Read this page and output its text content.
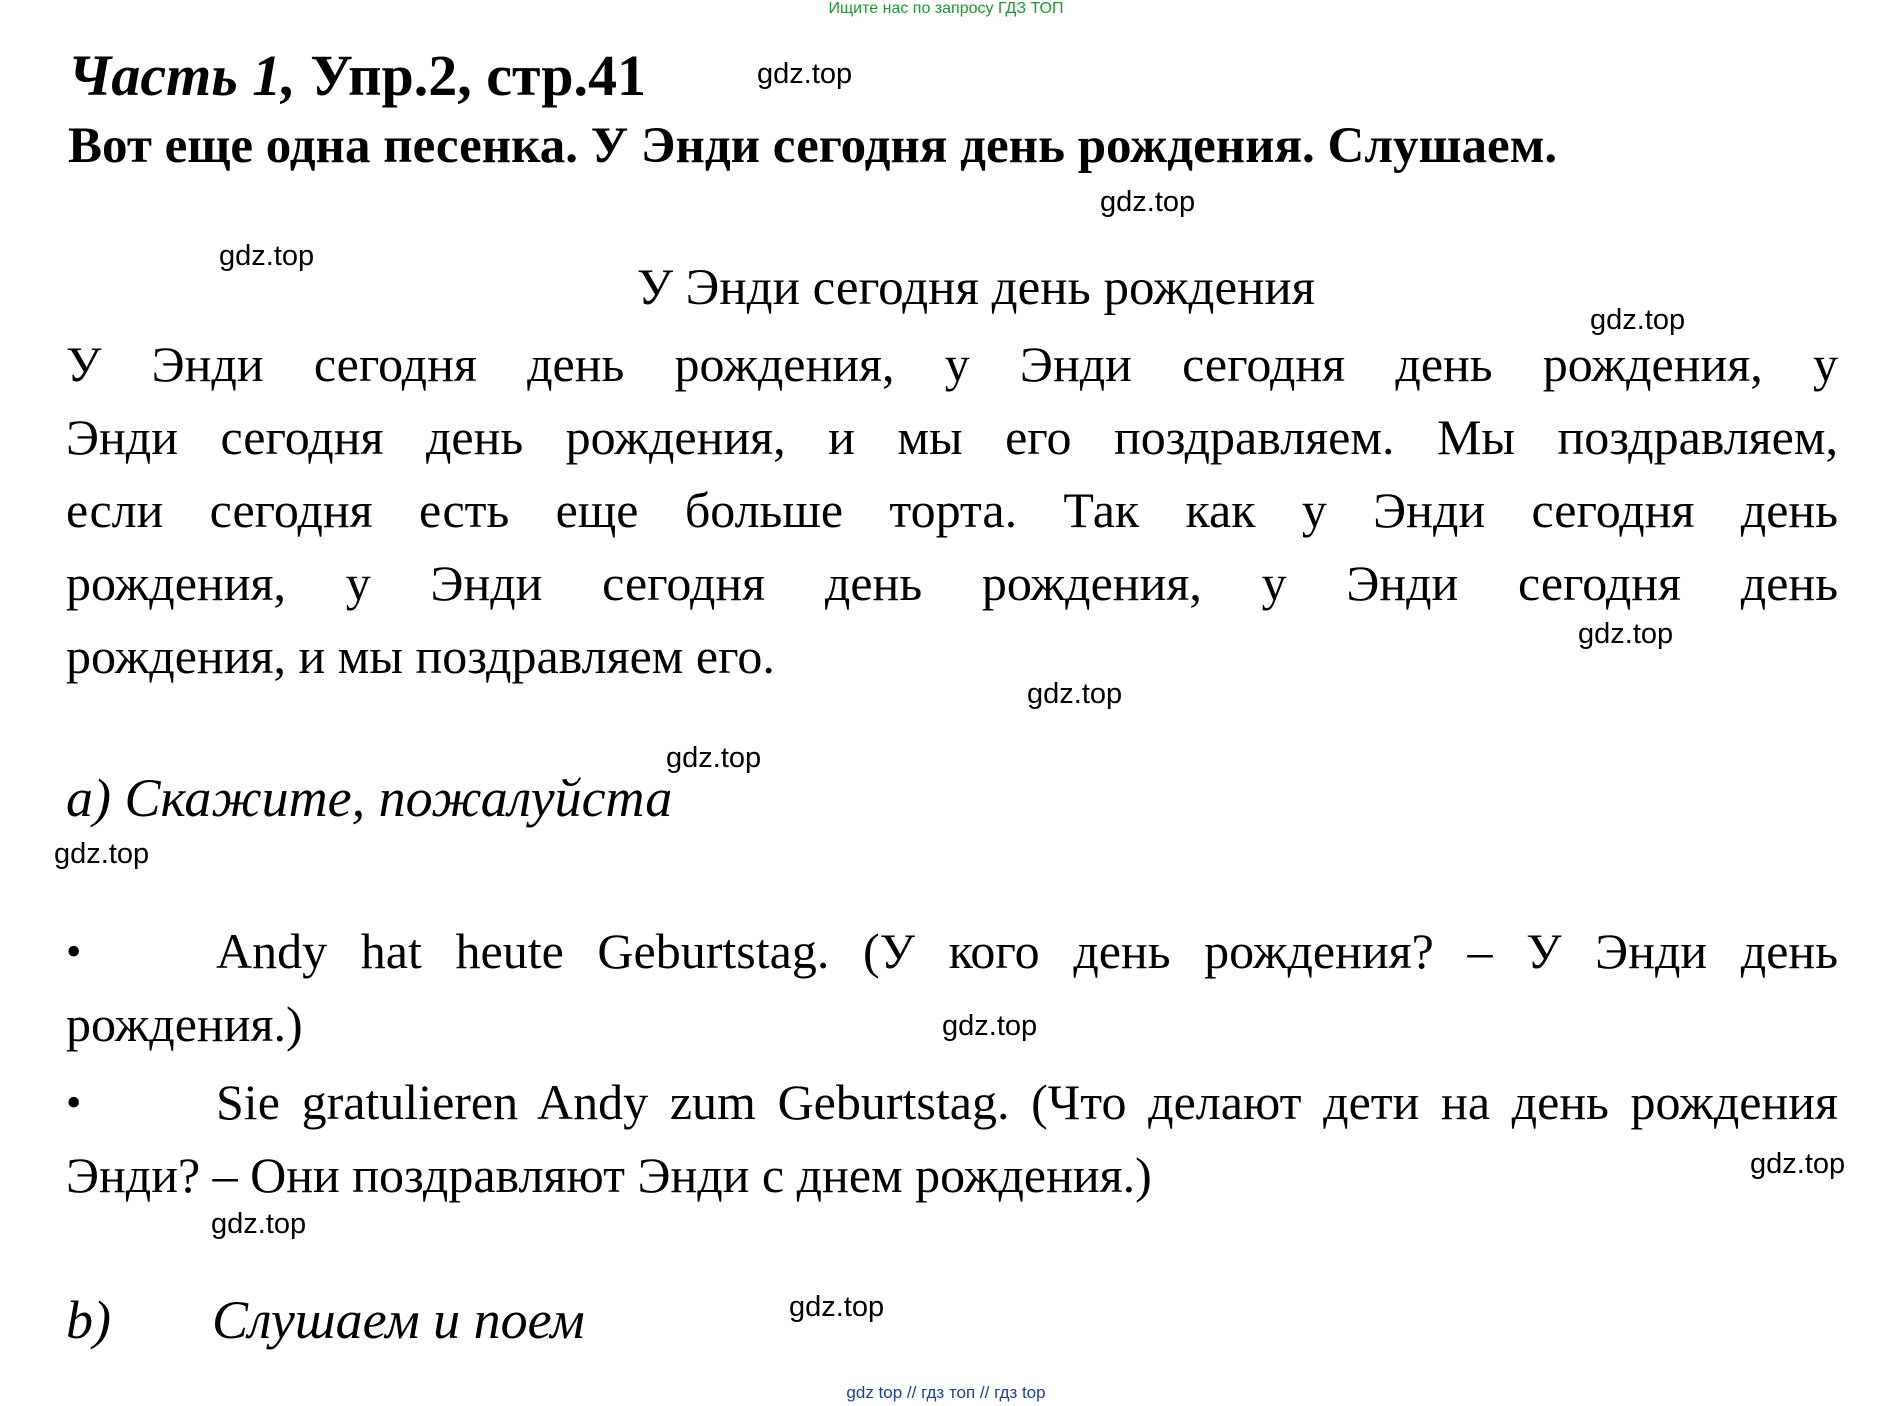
Ищите нас по запросу ГДЗ ТОП
Часть 1, Упр.2, стр.41
Вот еще одна песенка. У Энди сегодня день рождения. Слушаем.
У Энди сегодня день рождения
У Энди сегодня день рождения, у Энди сегодня день рождения, у
Энди сегодня день рождения, и мы его поздравляем. Мы поздравляем,
если сегодня есть еще больше торта. Так как у Энди сегодня день
рождения, у Энди сегодня день рождения, у Энди сегодня день
рождения, и мы поздравляем его.
а) Скажите, пожалуйста
•	Andy hat heute Geburtstag. (У кого день рождения? – У Энди день рождения.)
•	Sie gratulieren Andy zum Geburtstag. (Что делают дети на день рождения Энди? – Они поздравляют Энди с днем рождения.)
b) Слушаем и поем
gdz.top
gdz.top
gdz.top
gdz.top
gdz.top
gdz.top
gdz.top
gdz.top
gdz.top
gdz.top
gdz.top
gdz.top
gdz top // гдз топ // гдз top
